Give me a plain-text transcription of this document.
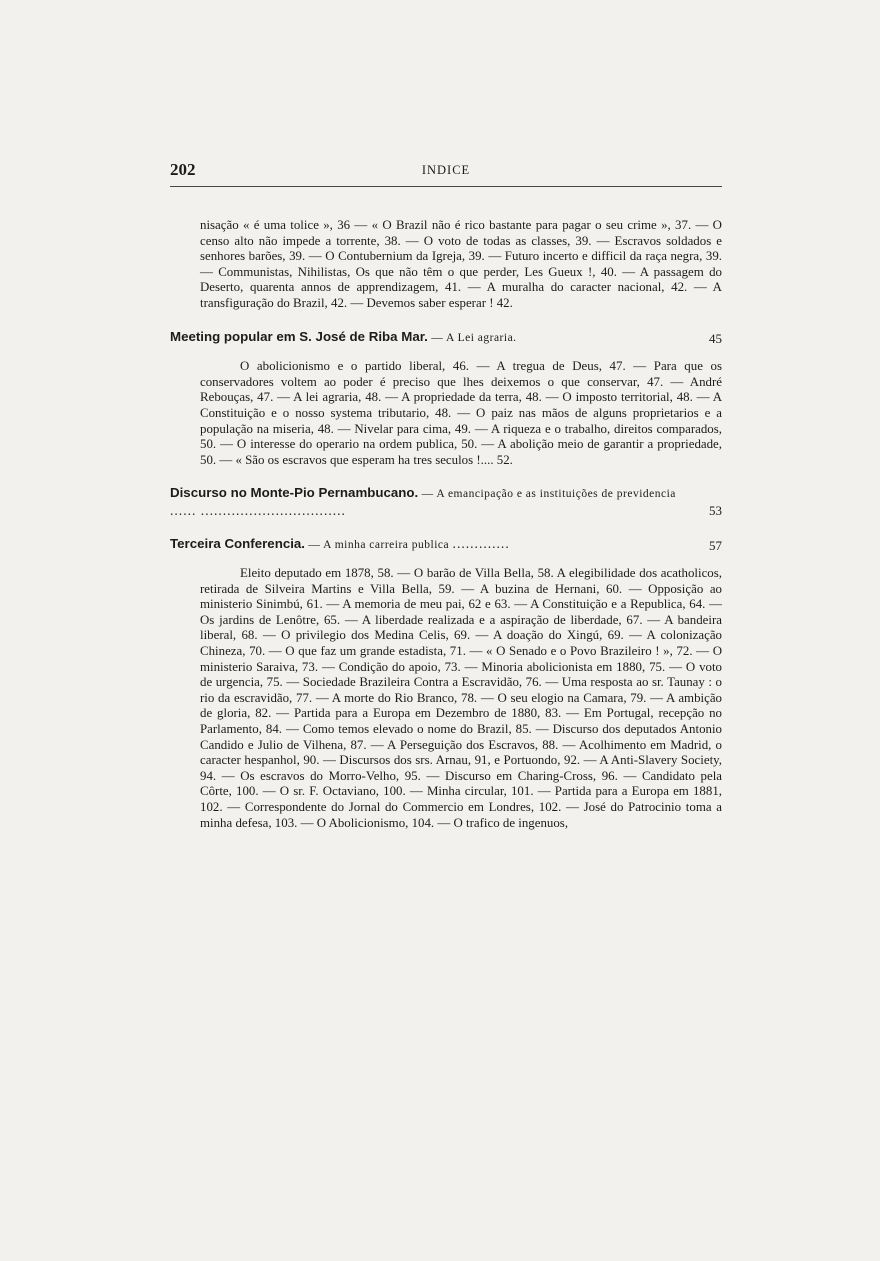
202	INDICE

nisação « é uma tolice », 36 — « O Brazil não é rico bastante para pagar o seu crime », 37. — O censo alto não impede a torrente, 38. — O voto de todas as classes, 39. — Escravos soldados e senhores barões, 39. — O Contubernium da Igreja, 39. — Futuro incerto e difficil da raça negra, 39. — Communistas, Nihilistas, Os que não têm o que perder, Les Gueux !, 40. — A passagem do Deserto, quarenta annos de apprendizagem, 41. — A muralha do caracter nacional, 42. — A transfiguração do Brazil, 42. — Devemos saber esperar ! 42.

Meeting popular em S. José de Riba Mar. — A Lei agraria.	45

O abolicionismo e o partido liberal, 46. — A tregua de Deus, 47. — Para que os conservadores voltem ao poder é preciso que lhes deixemos o que conservar, 47. — André Rebouças, 47. — A lei agraria, 48. — A propriedade da terra, 48. — O imposto territorial, 48. — A Constituição e o nosso systema tributario, 48. — O paiz nas mãos de alguns proprietarios e a população na miseria, 48. — Nivelar para cima, 49. — A riqueza e o trabalho, direitos comparados, 50. — O interesse do operario na ordem publica, 50. — A abolição meio de garantir a propriedade, 50. — « São os escravos que esperam ha tres seculos !.... 52.

Discurso no Monte-Pio Pernambucano. — A emancipação e as instituições de previdencia ...... .................................	53
Terceira Conferencia. — A minha carreira publica .............	57

Eleito deputado em 1878, 58. — O barão de Villa Bella, 58. A elegibilidade dos acatholicos, retirada de Silveira Martins e Villa Bella, 59. — A buzina de Hernani, 60. — Opposição ao ministerio Sinimbú, 61. — A memoria de meu pai, 62 e 63. — A Constituição e a Republica, 64. — Os jardins de Lenôtre, 65. — A liberdade realizada e a aspiração de liberdade, 67. — A bandeira liberal, 68. — O privilegio dos Medina Celis, 69. — A doação do Xingú, 69. — A colonização Chineza, 70. — O que faz um grande estadista, 71. — « O Senado e o Povo Brazileiro ! », 72. — O ministerio Saraiva, 73. — Condição do apoio, 73. — Minoria abolicionista em 1880, 75. — O voto de urgencia, 75. — Sociedade Brazileira Contra a Escravidão, 76. — Uma resposta ao sr. Taunay : o rio da escravidão, 77. — A morte do Rio Branco, 78. — O seu elogio na Camara, 79. — A ambição de gloria, 82. — Partida para a Europa em Dezembro de 1880, 83. — Em Portugal, recepção no Parlamento, 84. — Como temos elevado o nome do Brazil, 85. — Discurso dos deputados Antonio Candido e Julio de Vilhena, 87. — A Perseguição dos Escravos, 88. — Acolhimento em Madrid, o caracter hespanhol, 90. — Discursos dos srs. Arnau, 91, e Portuondo, 92. — A Anti-Slavery Society, 94. — Os escravos do Morro-Velho, 95. — Discurso em Charing-Cross, 96. — Candidato pela Côrte, 100. — O sr. F. Octaviano, 100. — Minha circular, 101. — Partida para a Europa em 1881, 102. — Correspondente do Jornal do Commercio em Londres, 102. — José do Patrocinio toma a minha defesa, 103. — O Abolicionismo, 104. — O trafico de ingenuos,
